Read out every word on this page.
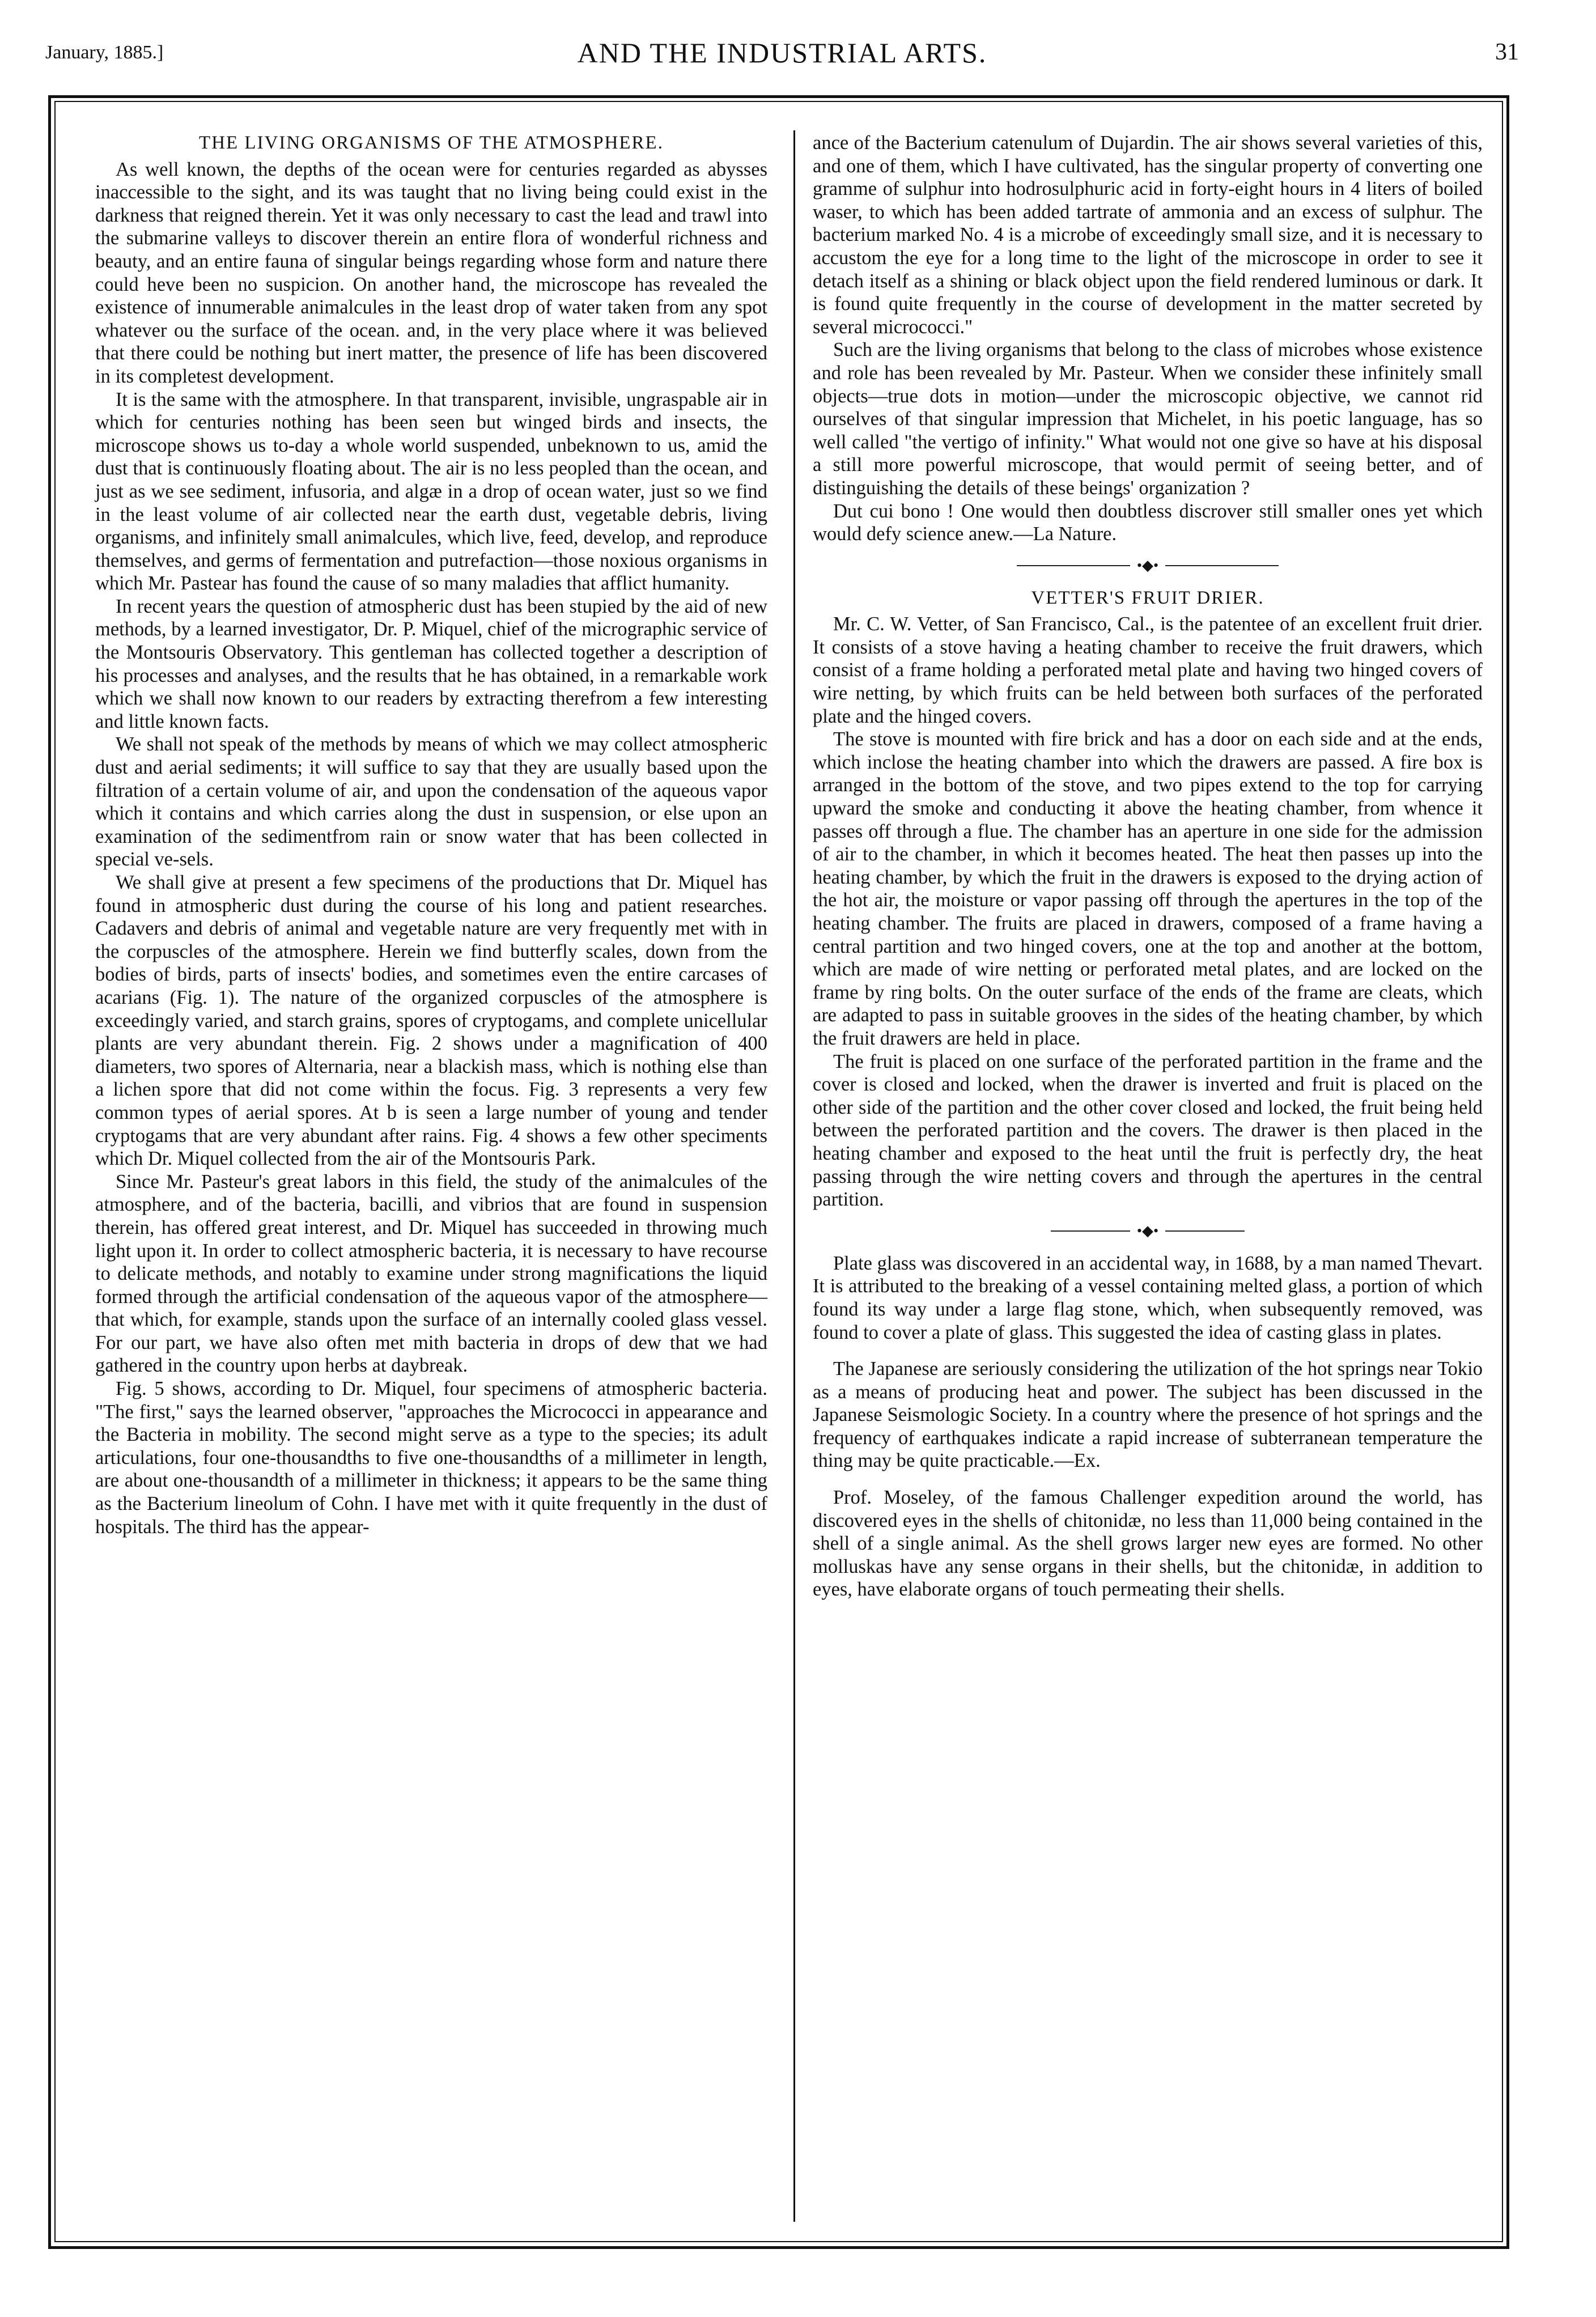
January, 1885.]	AND THE INDUSTRIAL ARTS.	31
THE LIVING ORGANISMS OF THE ATMOSPHERE.

As well known, the depths of the ocean were for centuries regarded as abysses inaccessible to the sight, and its was taught that no living being could exist in the darkness that reigned therein. Yet it was only necessary to cast the lead and trawl into the submarine valleys to discover therein an entire flora of wonderful richness and beauty, and an entire fauna of singular beings regarding whose form and nature there could heve been no suspicion. On another hand, the microscope has revealed the existence of innumerable animalcules in the least drop of water taken from any spot whatever ou the surface of the ocean. and, in the very place where it was believed that there could be nothing but inert matter, the presence of life has been discovered in its completest development.

It is the same with the atmosphere. In that transparent, invisible, ungraspable air in which for centuries nothing has been seen but winged birds and insects, the microscope shows us to-day a whole world suspended, unbeknown to us, amid the dust that is continuously floating about. The air is no less peopled than the ocean, and just as we see sediment, infusoria, and algæ in a drop of ocean water, just so we find in the least volume of air collected near the earth dust, vegetable debris, living organisms, and infinitely small animalcules, which live, feed, develop, and reproduce themselves, and germs of fermentation and putrefaction—those noxious organisms in which Mr. Pastear has found the cause of so many maladies that afflict humanity.

In recent years the question of atmospheric dust has been stupied by the aid of new methods, by a learned investigator, Dr. P. Miquel, chief of the micrographic service of the Montsouris Observatory. This gentleman has collected together a description of his processes and analyses, and the results that he has obtained, in a remarkable work which we shall now known to our readers by extracting therefrom a few interesting and little known facts.

We shall not speak of the methods by means of which we may collect atmospheric dust and aerial sediments; it will suffice to say that they are usually based upon the filtration of a certain volume of air, and upon the condensation of the aqueous vapor which it contains and which carries along the dust in suspension, or else upon an examination of the sedimentfrom rain or snow water that has been collected in special ve-sels.

We shall give at present a few specimens of the productions that Dr. Miquel has found in atmospheric dust during the course of his long and patient researches. Cadavers and debris of animal and vegetable nature are very frequently met with in the corpuscles of the atmosphere. Herein we find butterfly scales, down from the bodies of birds, parts of insects' bodies, and sometimes even the entire carcases of acarians (Fig. 1). The nature of the organized corpuscles of the atmosphere is exceedingly varied, and starch grains, spores of cryptogams, and complete unicellular plants are very abundant therein. Fig. 2 shows under a magnification of 400 diameters, two spores of Alternaria, near a blackish mass, which is nothing else than a lichen spore that did not come within the focus. Fig. 3 represents a very few common types of aerial spores. At b is seen a large number of young and tender cryptogams that are very abundant after rains. Fig. 4 shows a few other speciments which Dr. Miquel collected from the air of the Montsouris Park.

Since Mr. Pasteur's great labors in this field, the study of the animalcules of the atmosphere, and of the bacteria, bacilli, and vibrios that are found in suspension therein, has offered great interest, and Dr. Miquel has succeeded in throwing much light upon it. In order to collect atmospheric bacteria, it is necessary to have recourse to delicate methods, and notably to examine under strong magnifications the liquid formed through the artificial condensation of the aqueous vapor of the atmosphere—that which, for example, stands upon the surface of an internally cooled glass vessel. For our part, we have also often met mith bacteria in drops of dew that we had gathered in the country upon herbs at daybreak.

Fig. 5 shows, according to Dr. Miquel, four specimens of atmospheric bacteria. "The first," says the learned observer, "approaches the Micrococci in appearance and the Bacteria in mobility. The second might serve as a type to the species; its adult articulations, four one-thousandths to five one-thousandths of a millimeter in length, are about one-thousandth of a millimeter in thickness; it appears to be the same thing as the Bacterium lineolum of Cohn. I have met with it quite frequently in the dust of hospitals. The third has the appear-

ance of the Bacterium catenulum of Dujardin. The air shows several varieties of this, and one of them, which I have cultivated, has the singular property of converting one gramme of sulphur into hodrosulphuric acid in forty-eight hours in 4 liters of boiled waser, to which has been added tartrate of ammonia and an excess of sulphur. The bacterium marked No. 4 is a microbe of exceedingly small size, and it is necessary to accustom the eye for a long time to the light of the microscope in order to see it detach itself as a shining or black object upon the field rendered luminous or dark. It is found quite frequently in the course of development in the matter secreted by several micrococci."

Such are the living organisms that belong to the class of microbes whose existence and role has been revealed by Mr. Pasteur. When we consider these infinitely small objects—true dots in motion—under the microscopic objective, we cannot rid ourselves of that singular impression that Michelet, in his poetic language, has so well called "the vertigo of infinity." What would not one give so have at his disposal a still more powerful microscope, that would permit of seeing better, and of distinguishing the details of these beings' organization ?

Dut cui bono ! One would then doubtless discrover still smaller ones yet which would defy science anew.—La Nature.

•◆•
VETTER'S FRUIT DRIER.

Mr. C. W. Vetter, of San Francisco, Cal., is the patentee of an excellent fruit drier. It consists of a stove having a heating chamber to receive the fruit drawers, which consist of a frame holding a perforated metal plate and having two hinged covers of wire netting, by which fruits can be held between both surfaces of the perforated plate and the hinged covers.

The stove is mounted with fire brick and has a door on each side and at the ends, which inclose the heating chamber into which the drawers are passed. A fire box is arranged in the bottom of the stove, and two pipes extend to the top for carrying upward the smoke and conducting it above the heating chamber, from whence it passes off through a flue. The chamber has an aperture in one side for the admission of air to the chamber, in which it becomes heated. The heat then passes up into the heating chamber, by which the fruit in the drawers is exposed to the drying action of the hot air, the moisture or vapor passing off through the apertures in the top of the heating chamber. The fruits are placed in drawers, composed of a frame having a central partition and two hinged covers, one at the top and another at the bottom, which are made of wire netting or perforated metal plates, and are locked on the frame by ring bolts. On the outer surface of the ends of the frame are cleats, which are adapted to pass in suitable grooves in the sides of the heating chamber, by which the fruit drawers are held in place.

The fruit is placed on one surface of the perforated partition in the frame and the cover is closed and locked, when the drawer is inverted and fruit is placed on the other side of the partition and the other cover closed and locked, the fruit being held between the perforated partition and the covers. The drawer is then placed in the heating chamber and exposed to the heat until the fruit is perfectly dry, the heat passing through the wire netting covers and through the apertures in the central partition.

•◆•

Plate glass was discovered in an accidental way, in 1688, by a man named Thevart. It is attributed to the breaking of a vessel containing melted glass, a portion of which found its way under a large flag stone, which, when subsequently removed, was found to cover a plate of glass. This suggested the idea of casting glass in plates.

The Japanese are seriously considering the utilization of the hot springs near Tokio as a means of producing heat and power. The subject has been discussed in the Japanese Seismologic Society. In a country where the presence of hot springs and the frequency of earthquakes indicate a rapid increase of subterranean temperature the thing may be quite practicable.—Ex.

Prof. Moseley, of the famous Challenger expedition around the world, has discovered eyes in the shells of chitonidæ, no less than 11,000 being contained in the shell of a single animal. As the shell grows larger new eyes are formed. No other molluskas have any sense organs in their shells, but the chitonidæ, in addition to eyes, have elaborate organs of touch permeating their shells.
